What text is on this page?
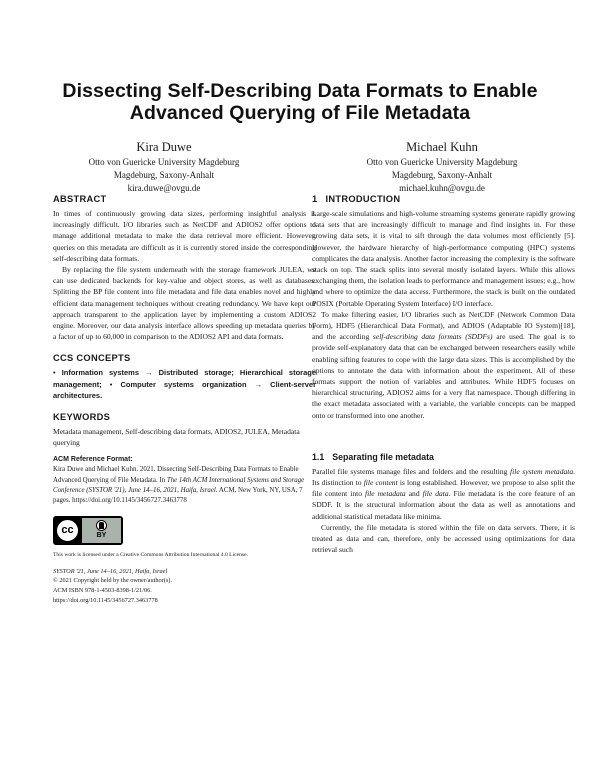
Dissecting Self-Describing Data Formats to Enable
Advanced Querying of File Metadata
Kira Duwe
Otto von Guericke University Magdeburg
Magdeburg, Saxony-Anhalt
kira.duwe@ovgu.de
Michael Kuhn
Otto von Guericke University Magdeburg
Magdeburg, Saxony-Anhalt
michael.kuhn@ovgu.de
ABSTRACT

In times of continuously growing data sizes, performing insightful analysis is increasingly difficult. I/O libraries such as NetCDF and ADIOS2 offer options to manage additional metadata to make the data retrieval more efficient. However, queries on this metadata are difficult as it is currently stored inside the corresponding self-describing data formats.

By replacing the file system underneath with the storage framework JULEA, we can use dedicated backends for key-value and object stores, as well as databases. Splitting the BP file content into file metadata and file data enables novel and highly efficient data management techniques without creating redundancy. We have kept our approach transparent to the application layer by implementing a custom ADIOS2 engine. Moreover, our data analysis interface allows speeding up metadata queries by a factor of up to 60,000 in comparison to the ADIOS2 API and data formats.

CCS CONCEPTS

• Information systems → Distributed storage; Hierarchical storage management; • Computer systems organization → Client-server architectures.

KEYWORDS

Metadata management, Self-describing data formats, ADIOS2, JULEA, Metadata querying

ACM Reference Format:

Kira Duwe and Michael Kuhn. 2021. Dissecting Self-Describing Data Formats to Enable Advanced Querying of File Metadata. In The 14th ACM International Systems and Storage Conference (SYSTOR '21), June 14–16, 2021, Haifa, Israel. ACM, New York, NY, USA, 7 pages. https://doi.org/10.1145/3456727.3463778

cc
BY
This work is licensed under a Creative Commons Attribution International 4.0 License.
SYSTOR '21, June 14–16, 2021, Haifa, Israel
© 2021 Copyright held by the owner/author(s).
ACM ISBN 978-1-4503-8398-1/21/06.
https://doi.org/10.1145/3456727.3463778
1 INTRODUCTION

Large-scale simulations and high-volume streaming systems generate rapidly growing data sets that are increasingly difficult to manage and find insights in. For these growing data sets, it is vital to sift through the data volumes most efficiently [5]. However, the hardware hierarchy of high-performance computing (HPC) systems complicates the data analysis. Another factor increasing the complexity is the software stack on top. The stack splits into several mostly isolated layers. While this allows exchanging them, the isolation leads to performance and management issues; e.g., how and where to optimize the data access. Furthermore, the stack is built on the outdated POSIX (Portable Operating System Interface) I/O interface.

To make filtering easier, I/O libraries such as NetCDF (Network Common Data Form), HDF5 (Hierarchical Data Format), and ADIOS (Adaptable IO System)[18], and the according self-describing data formats (SDDFs) are used. The goal is to provide self-explanatory data that can be exchanged between researchers easily while enabling sifting features to cope with the large data sizes. This is accomplished by the options to annotate the data with information about the experiment. All of these formats support the notion of variables and attributes. While HDF5 focuses on hierarchical structuring, ADIOS2 aims for a very flat namespace. Though differing in the exact metadata associated with a variable, the variable concepts can be mapped onto or transformed into one another.

1.1 Separating file metadata

Parallel file systems manage files and folders and the resulting file system metadata. Its distinction to file content is long established. However, we propose to also split the file content into file metadata and file data. File metadata is the core feature of an SDDF. It is the structural information about the data as well as annotations and additional statistical metadata like minima.

Currently, the file metadata is stored within the file on data servers. There, it is treated as data and can, therefore, only be accessed using optimizations for data retrieval such
